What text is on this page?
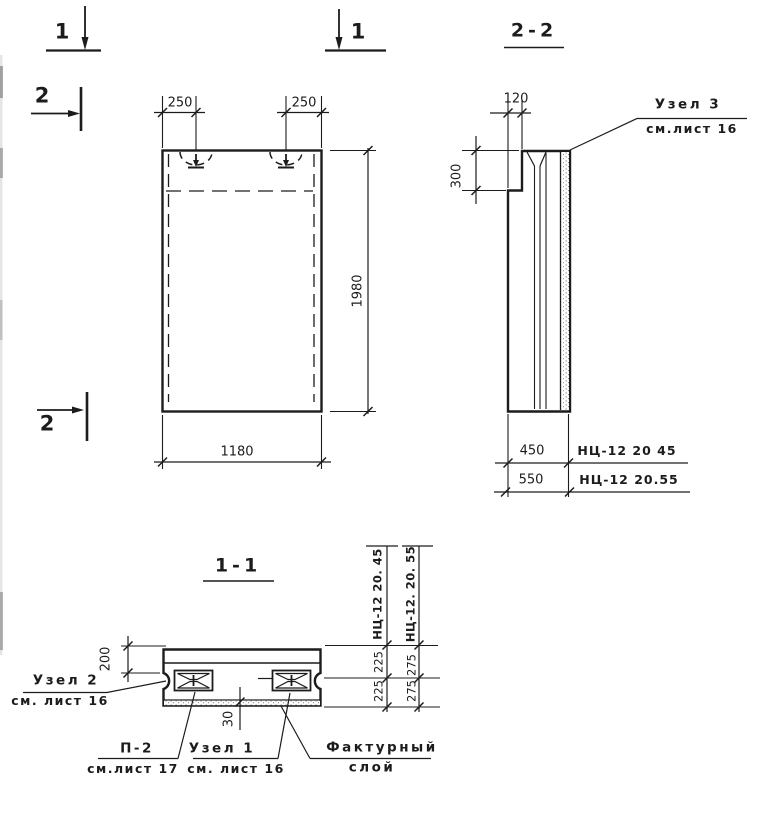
1	1
2
2
250	250
1980
1180
2-2
120
300
Узел 3
см.лист 16
450	НЦ-12 20 45
550	НЦ-12 20.55
1-1
200
30
НЦ-12 20. 45 НЦ-12. 20. 55
225
225
275
275
Узел 2
см. лист 16
П-2
см.лист 17
Узел 1
см. лист 16
Фактурный
слой
